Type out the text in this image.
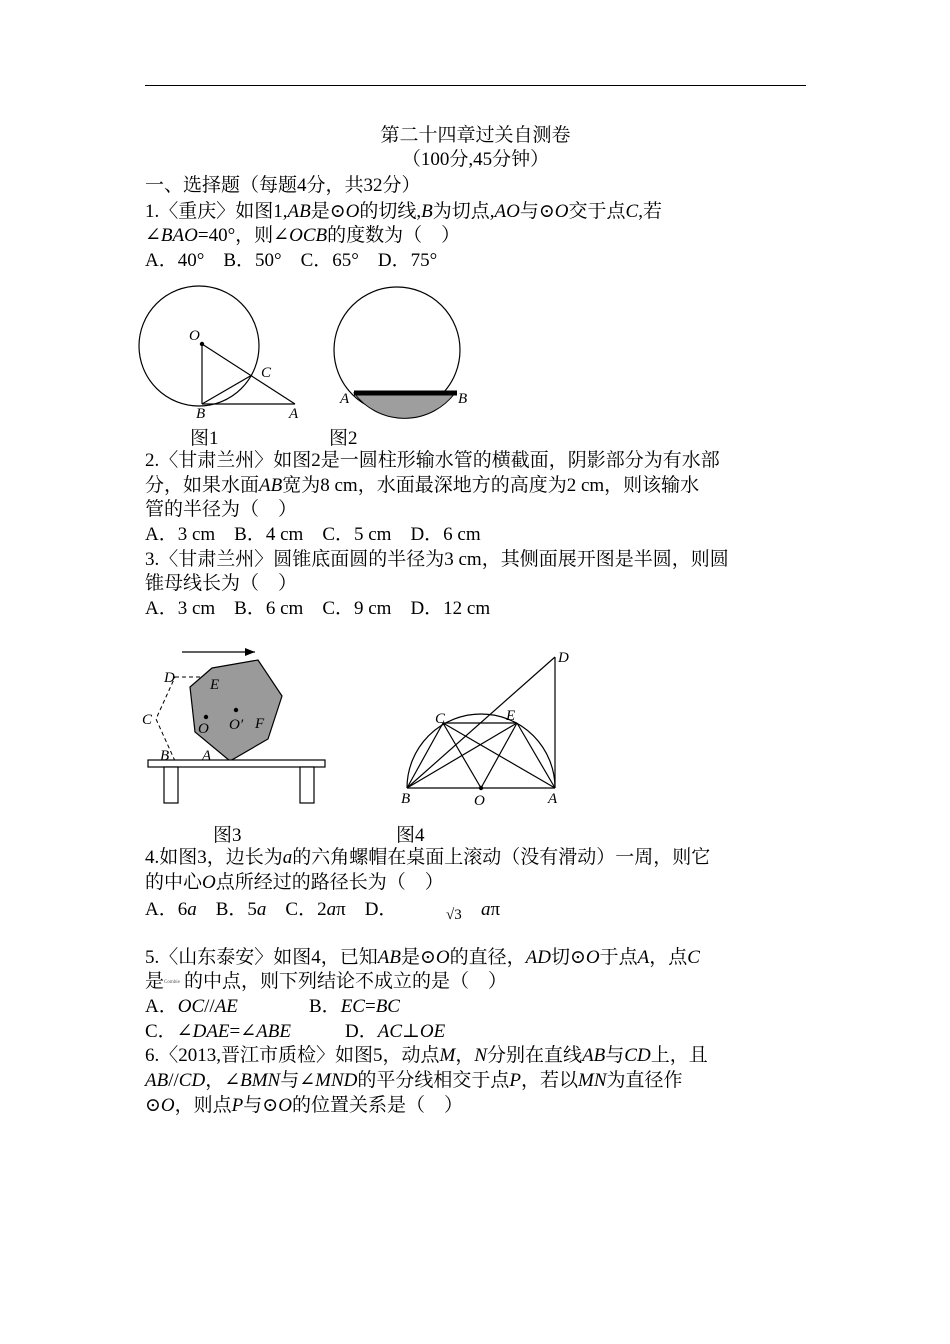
第二十四章过关自测卷
（100分,45分钟）
一、选择题（每题4分，共32分）
1.〈重庆〉如图1,AB是⊙O的切线,B为切点,AO与⊙O交于点C,若
∠BAO=40°，则∠OCB的度数为（　）
A．40°　B．50°　C．65°　D．75°
O
C
B	A
图1
A	B
图2
2.〈甘肃兰州〉如图2是一圆柱形输水管的横截面，阴影部分为有水部
分，如果水面AB宽为8 cm，水面最深地方的高度为2 cm，则该输水
管的半径为（　）
A．3 cm　B．4 cm　C．5 cm　D．6 cm
3.〈甘肃兰州〉圆锥底面圆的半径为3 cm，其侧面展开图是半圆，则圆
锥母线长为（　）
A．3 cm　B．6 cm　C．9 cm　D．12 cm
D E
C
O O′ F
B A
图3
D
C	E
B	O	A
图4
4.如图3，边长为a的六角螺帽在桌面上滚动（没有滑动）一周，则它
的中心O点所经过的路径长为（　）
A．6a　B．5a　C．2aπ　D．	√3 aπ
5.〈山东泰安〉如图4，已知AB是⊙O的直径，AD切⊙O于点A，点C
是Combie 的中点，则下列结论不成立的是（　）
A．OC//AE	B．EC=BC
C．∠DAE=∠ABE	D．AC⊥OE
6.〈2013,晋江市质检〉如图5，动点M，N分别在直线AB与CD上，且
AB//CD，∠BMN与∠MND的平分线相交于点P，若以MN为直径作
⊙O，则点P与⊙O的位置关系是（　）
